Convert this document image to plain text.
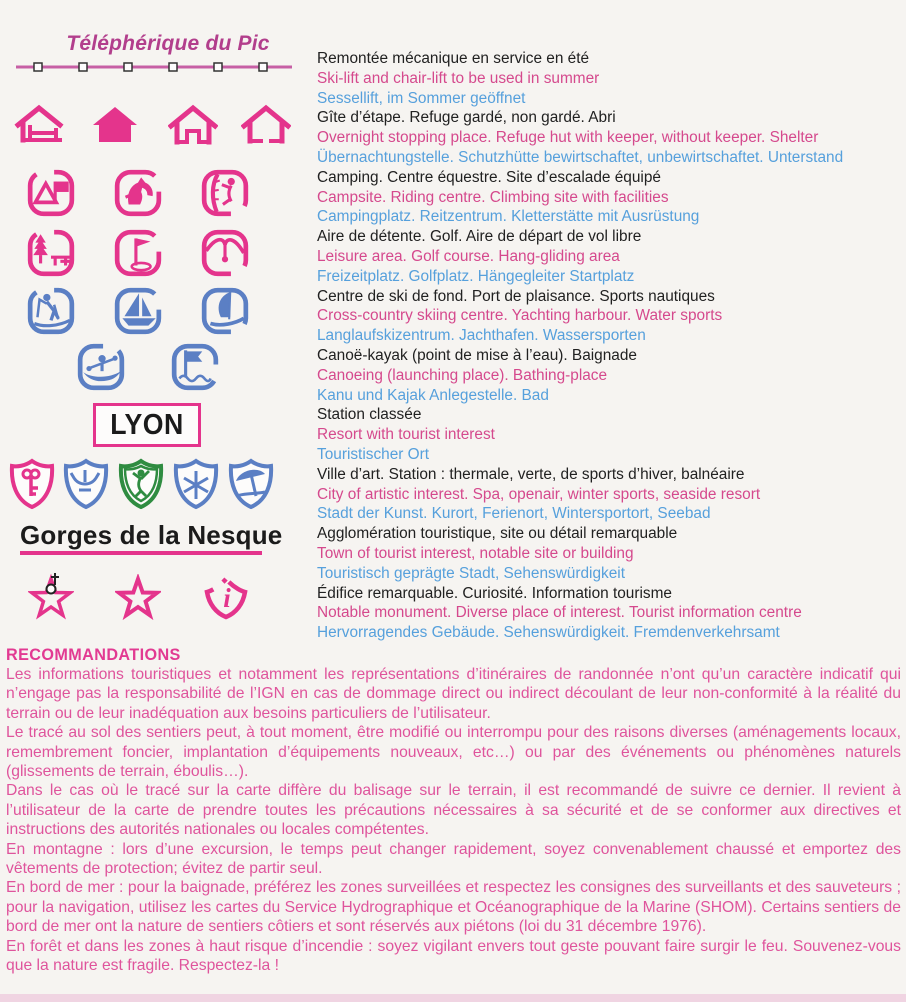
Téléphérique du Pic
LYON
Gorges de la Nesque
i
Remontée mécanique en service en été
Ski-lift and chair-lift to be used in summer
Sessellift, im Sommer geöffnet
Gîte d’étape. Refuge gardé, non gardé. Abri
Overnight stopping place. Refuge hut with keeper, without keeper. Shelter
Übernachtungstelle. Schutzhütte bewirtschaftet, unbewirtschaftet. Unterstand
Camping. Centre équestre. Site d’escalade équipé
Campsite. Riding centre. Climbing site with facilities
Campingplatz. Reitzentrum. Kletterstätte mit Ausrüstung
Aire de détente. Golf. Aire de départ de vol libre
Leisure area. Golf course. Hang-gliding area
Freizeitplatz. Golfplatz. Hängegleiter Startplatz
Centre de ski de fond. Port de plaisance. Sports nautiques
Cross-country skiing centre. Yachting harbour. Water sports
Langlaufskizentrum. Jachthafen. Wassersporten
Canoë-kayak (point de mise à l’eau). Baignade
Canoeing (launching place). Bathing-place
Kanu und Kajak Anlegestelle. Bad
Station classée
Resort with tourist interest
Touristischer Ort
Ville d’art. Station : thermale, verte, de sports d’hiver, balnéaire
City of artistic interest. Spa, openair, winter sports, seaside resort
Stadt der Kunst. Kurort, Ferienort, Wintersportort, Seebad
Agglomération touristique, site ou détail remarquable
Town of tourist interest, notable site or building
Touristisch geprägte Stadt, Sehenswürdigkeit
Édifice remarquable. Curiosité. Information tourisme
Notable monument. Diverse place of interest. Tourist information centre
Hervorragendes Gebäude. Sehenswürdigkeit. Fremdenverkehrsamt
RECOMMANDATIONS
Les informations touristiques et notamment les représentations d’itinéraires de randonnée n’ont qu’un caractère indicatif qui n’engage pas la responsabilité de l’IGN en cas de dommage direct ou indirect découlant de leur non-conformité à la réalité du terrain ou de leur inadéquation aux besoins particuliers de l’utilisateur.
Le tracé au sol des sentiers peut, à tout moment, être modifié ou interrompu pour des raisons diverses (aménagements locaux, remembrement foncier, implantation d’équipements nouveaux, etc…) ou par des événements ou phénomènes naturels (glissements de terrain, éboulis…).
Dans le cas où le tracé sur la carte diffère du balisage sur le terrain, il est recommandé de suivre ce dernier. Il revient à l’utilisateur de la carte de prendre toutes les précautions nécessaires à sa sécurité et de se conformer aux directives et instructions des autorités nationales ou locales compétentes.
En montagne : lors d’une excursion, le temps peut changer rapidement, soyez convenablement chaussé et emportez des vêtements de protection; évitez de partir seul.
En bord de mer : pour la baignade, préférez les zones surveillées et respectez les consignes des surveillants et des sauveteurs ; pour la navigation, utilisez les cartes du Service Hydrographique et Océanographique de la Marine (SHOM). Certains sentiers de bord de mer ont la nature de sentiers côtiers et sont réservés aux piétons (loi du 31 décembre 1976).
En forêt et dans les zones à haut risque d’incendie : soyez vigilant envers tout geste pouvant faire surgir le feu. Souvenez-vous que la nature est fragile. Respectez-la !
